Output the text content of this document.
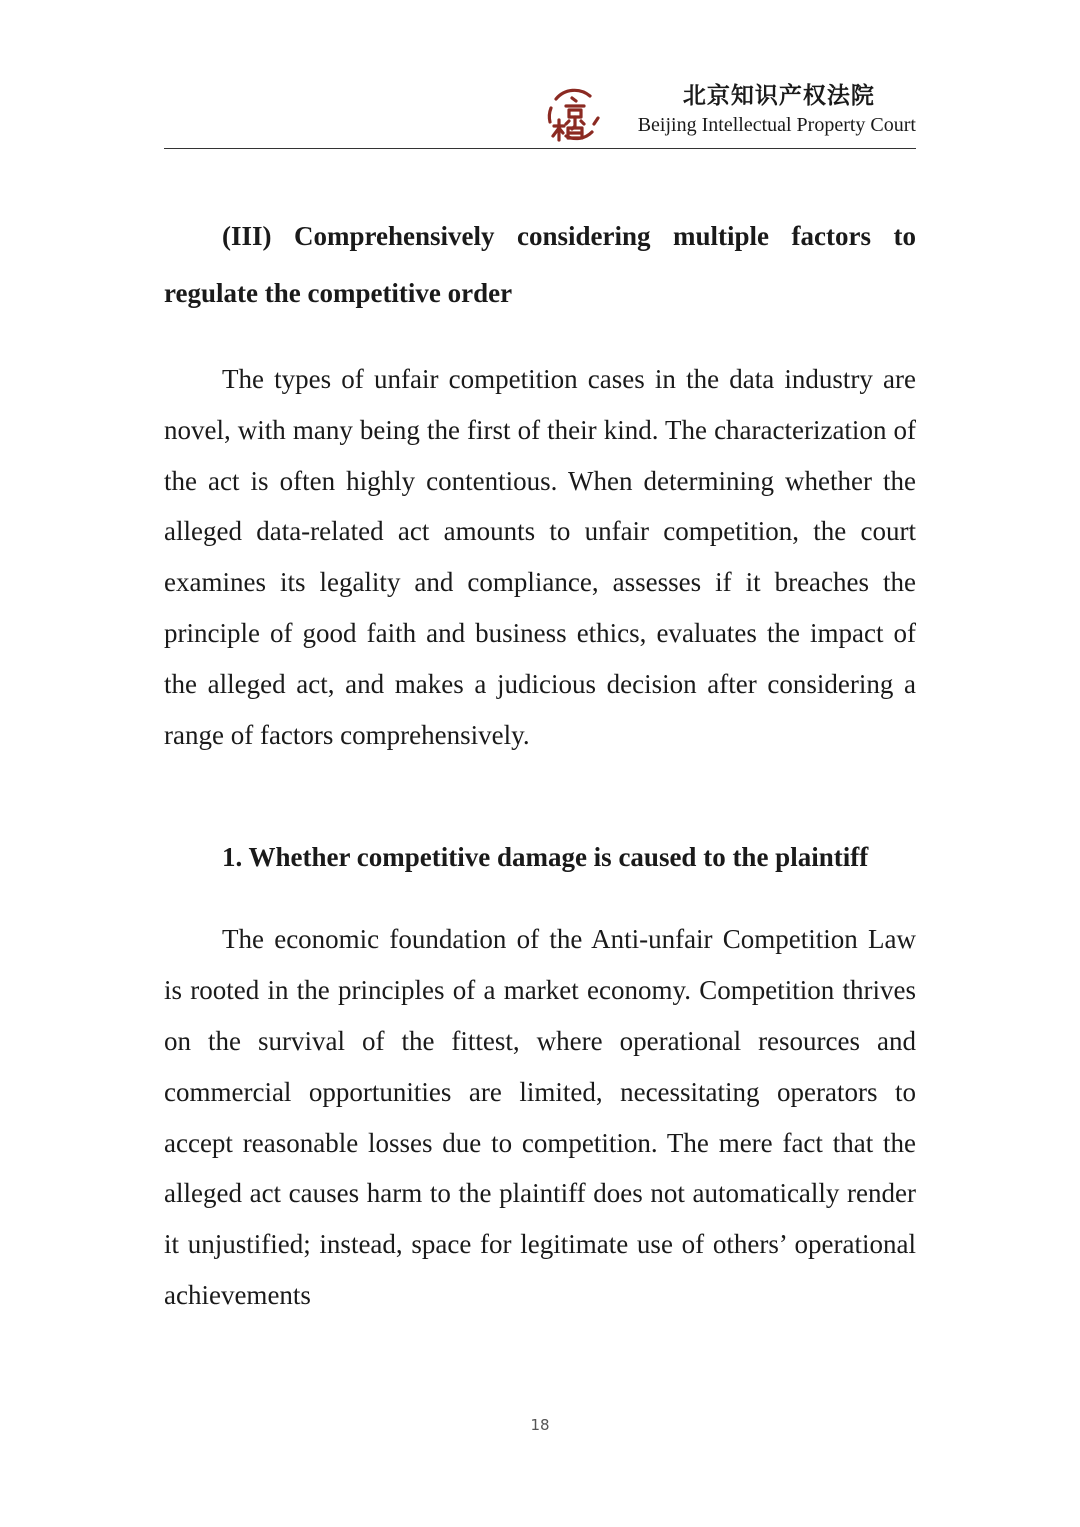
北京知识产权法院
Beijing Intellectual Property Court
(III) Comprehensively considering multiple factors to regulate the competitive order

The types of unfair competition cases in the data industry are novel, with many being the first of their kind. The characterization of the act is often highly contentious. When determining whether the alleged data-related act amounts to unfair competition, the court examines its legality and compliance, assesses if it breaches the principle of good faith and business ethics, evaluates the impact of the alleged act, and makes a judicious decision after considering a range of factors comprehensively.

1. Whether competitive damage is caused to the plaintiff

The economic foundation of the Anti-unfair Competition Law is rooted in the principles of a market economy. Competition thrives on the survival of the fittest, where operational resources and commercial opportunities are limited, necessitating operators to accept reasonable losses due to competition. The mere fact that the alleged act causes harm to the plaintiff does not automatically render it unjustified; instead, space for legitimate use of others’ operational achievements

18
